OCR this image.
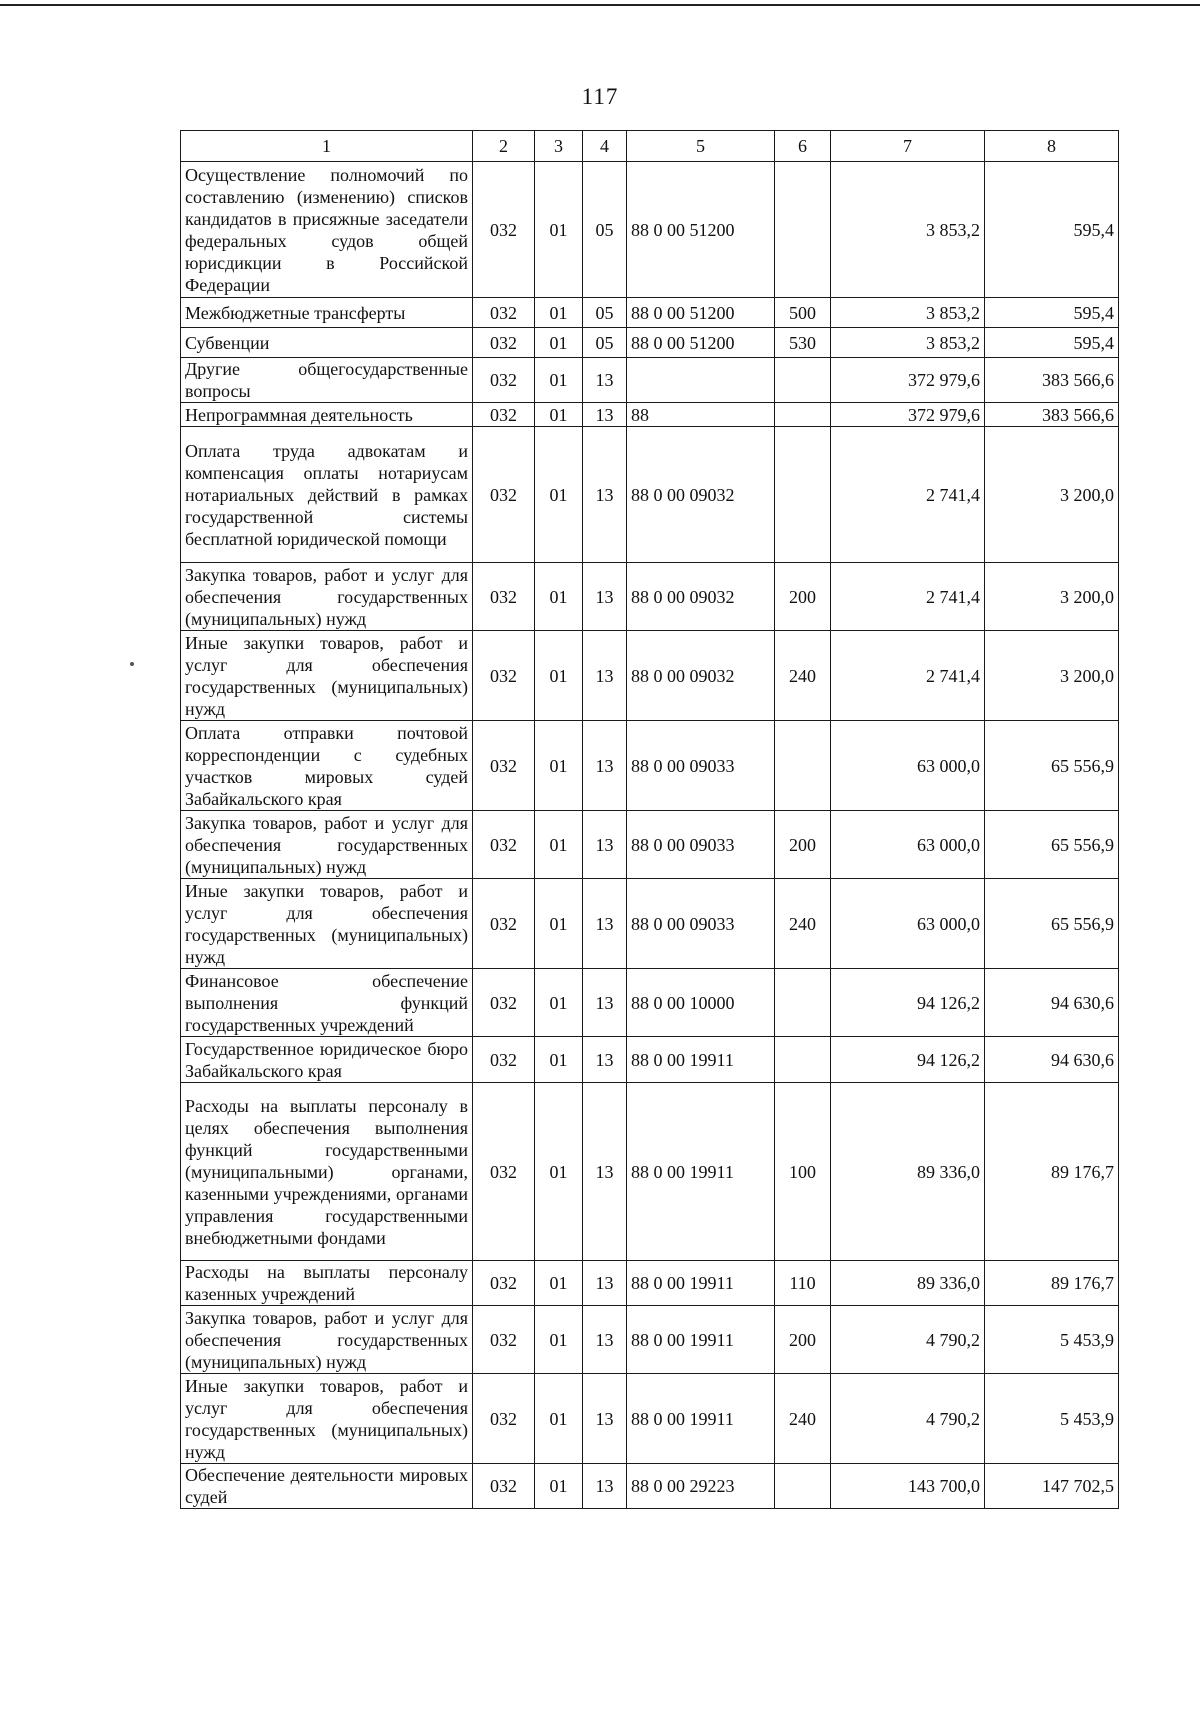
117
1	2	3	4	5	6	7	8
Осуществление полномочий по составлению (изменению) списков кандидатов в присяжные заседатели федеральных судов общей юрисдикции в Российской Федерации	032	01	05	88 0 00 51200		3 853,2	595,4
Межбюджетные трансферты	032	01	05	88 0 00 51200	500	3 853,2	595,4
Субвенции	032	01	05	88 0 00 51200	530	3 853,2	595,4
Другие общегосударственные вопросы	032	01	13			372 979,6	383 566,6
Непрограммная деятельность	032	01	13	88		372 979,6	383 566,6
Оплата труда адвокатам и компенсация оплаты нотариусам нотариальных действий в рамках государственной системы бесплатной юридической помощи	032	01	13	88 0 00 09032		2 741,4	3 200,0
Закупка товаров, работ и услуг для обеспечения государственных (муниципальных) нужд	032	01	13	88 0 00 09032	200	2 741,4	3 200,0
Иные закупки товаров, работ и услуг для обеспечения государственных (муниципальных) нужд	032	01	13	88 0 00 09032	240	2 741,4	3 200,0
Оплата отправки почтовой корреспонденции с судебных участков мировых судей Забайкальского края	032	01	13	88 0 00 09033		63 000,0	65 556,9
Закупка товаров, работ и услуг для обеспечения государственных (муниципальных) нужд	032	01	13	88 0 00 09033	200	63 000,0	65 556,9
Иные закупки товаров, работ и услуг для обеспечения государственных (муниципальных) нужд	032	01	13	88 0 00 09033	240	63 000,0	65 556,9
Финансовое обеспечение выполнения функций государственных учреждений	032	01	13	88 0 00 10000		94 126,2	94 630,6
Государственное юридическое бюро Забайкальского края	032	01	13	88 0 00 19911		94 126,2	94 630,6
Расходы на выплаты персоналу в целях обеспечения выполнения функций государственными (муниципальными) органами, казенными учреждениями, органами управления государственными внебюджетными фондами	032	01	13	88 0 00 19911	100	89 336,0	89 176,7
Расходы на выплаты персоналу казенных учреждений	032	01	13	88 0 00 19911	110	89 336,0	89 176,7
Закупка товаров, работ и услуг для обеспечения государственных (муниципальных) нужд	032	01	13	88 0 00 19911	200	4 790,2	5 453,9
Иные закупки товаров, работ и услуг для обеспечения государственных (муниципальных) нужд	032	01	13	88 0 00 19911	240	4 790,2	5 453,9
Обеспечение деятельности мировых судей	032	01	13	88 0 00 29223		143 700,0	147 702,5
